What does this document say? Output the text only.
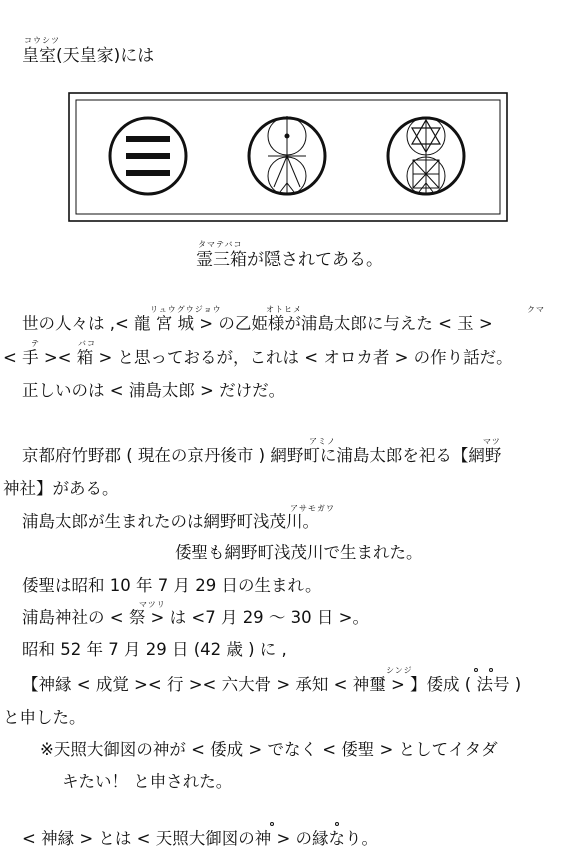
コウシツ
皇室(天皇家)には
タマテバコ
霊三箱が隠されてある。
リュウグウジョウ	オトヒメ	クマ
世の人々は ,< 龍 宮 城 > の乙姫様が浦島太郎に与えた < 玉 >
テ	バコ
< 手 >< 箱 > と思っておるが，これは < オロカ者 > の作り話だ。
正しいのは < 浦島太郎 > だけだ。
アミノ	マツ
京都府竹野郡 ( 現在の京丹後市 ) 網野町に浦島太郎を祀る【網野
神社】がある。
アサモガワ
浦島太郎が生まれたのは網野町浅茂川。
倭聖も網野町浅茂川で生まれた。
倭聖は昭和 10 年 7 月 29 日の生まれ。
マツリ
浦島神社の < 祭 > は <7 月 29 ～ 30 日 >。
昭和 52 年 7 月 29 日 (42 歳 ) に ,
シンジ
【神縁 < 成覚 >< 行 >< 六大骨 > 承知 < 神璽 > 】倭成 ( 法号 )
と申した。
※天照大御図の神が < 倭成 > でなく < 倭聖 > としてイタダ
キたい！ と申された。
< 神縁 > とは < 天照大御図の神 > の縁なり。
